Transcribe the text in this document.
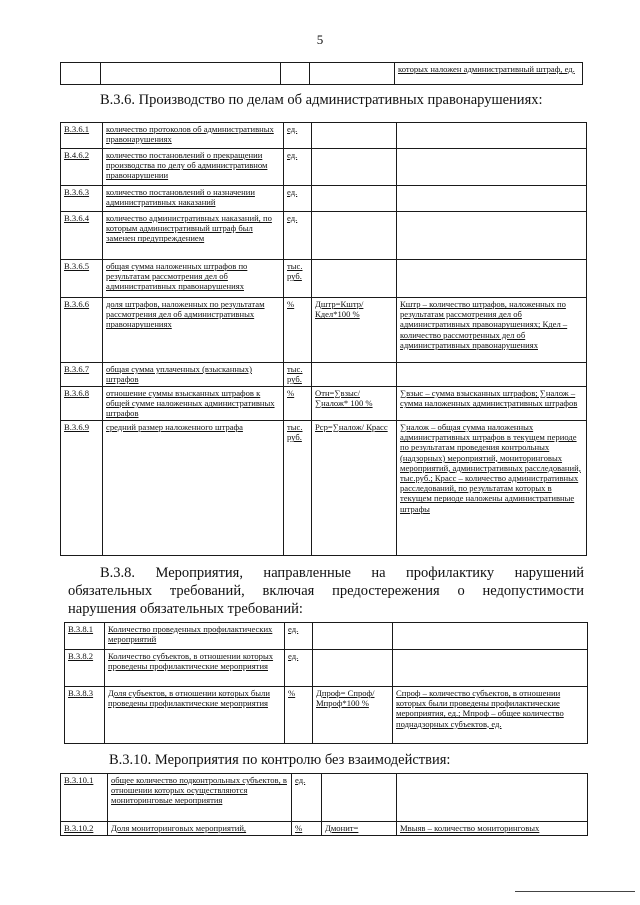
5

которых наложен административный штраф, ед.
В.3.6. Производство по делам об административных правонарушениях:
В.3.6.1	количество протоколов об административных правонарушениях	ед.		

В.4.6.2	количество постановлений о прекращении производства по делу об административном правонарушении	ед.		

В.3.6.3	количество постановлений о назначении административных наказаний	ед.		

В.3.6.4	количество административных наказаний, по которым административный штраф был заменен предупреждением	ед.		

В.3.6.5	общая сумма наложенных штрафов по результатам рассмотрения дел об административных правонарушениях	тыс. руб.		

В.3.6.6	доля штрафов, наложенных по результатам рассмотрения дел об административных правонарушениях	%	Дштр=Кштр/ Кдел*100 %	Кштр – количество штрафов, наложенных по результатам рассмотрения дел об административных правонарушениях; Кдел – количество рассмотренных дел об административных правонарушениях

В.3.6.7	общая сумма уплаченных (взысканных) штрафов	тыс. руб.		

В.3.6.8	отношение суммы взысканных штрафов к общей сумме наложенных административных штрафов	%	Отн=∑взыс/ ∑налож* 100 %	∑взыс – сумма взысканных штрафов; ∑налож – сумма наложенных административных штрафов

В.3.6.9	средний размер наложенного штрафа	тыс. руб.	Рср=∑налож/ Красс	∑налож – общая сумма наложенных административных штрафов в текущем периоде по результатам проведения контрольных (надзорных) мероприятий, мониторинговых мероприятий, административных расследований, тыс.руб.; Красс – количество административных расследований, по результатам которых в текущем периоде наложены административные штрафы
В.3.8. Мероприятия, направленные на профилактику нарушений
обязательных требований, включая предостережения о недопустимости
нарушения обязательных требований:
В.3.8.1	Количество проведенных профилактических мероприятий	ед.		

В.3.8.2	Количество субъектов, в отношении которых проведены профилактические мероприятия	ед.		

В.3.8.3	Доля субъектов, в отношении которых были проведены профилактические мероприятия	%	Дпроф= Спроф/ Мпроф*100 %	Спроф – количество субъектов, в отношении которых были проведены профилактические мероприятия, ед.; Мпроф – общее количество поднадзорных субъектов, ед.
В.3.10. Мероприятия по контролю без взаимодействия:
В.3.10.1	общее количество подконтрольных субъектов, в отношении которых осуществляются мониторинговые мероприятия	ед.		

В.3.10.2	Доля мониторинговых мероприятий,	%	Дмонит=	Мвыяв – количество мониторинговых
